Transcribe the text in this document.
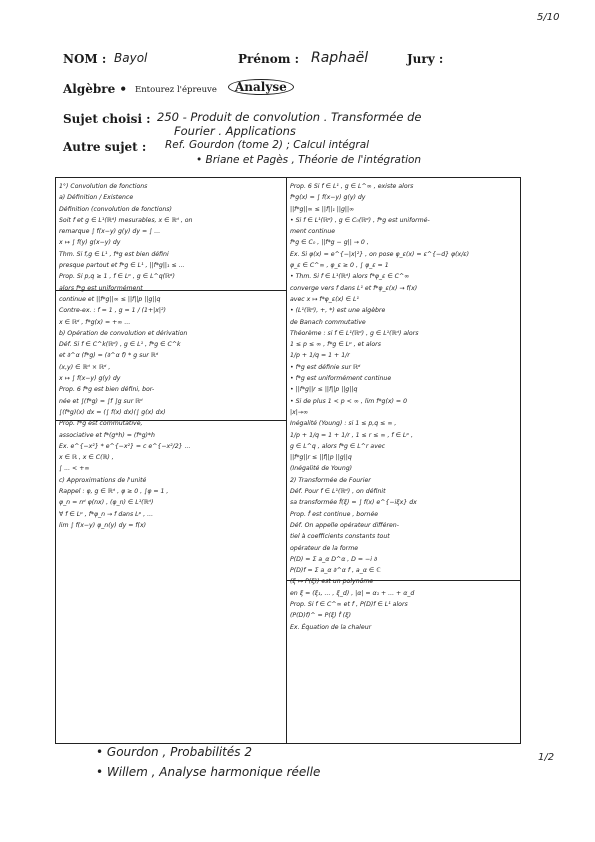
5/10
NOM : Bayol	Prénom : Raphaël	Jury :
Algèbre • Entourez l'épreuve	Analyse
Sujet choisi : 250 - Produit de convolution . Transformée de
Fourier . Applications
Autre sujet : Ref. Gourdon (tome 2) ; Calcul intégral
• Briane et Pagès , Théorie de l'intégration
1°) Convolution de fonctions
a) Définition / Existence
Définition (convolution de fonctions)
Soit f et g ∈ L¹(ℝᵈ) mesurables, x ∈ ℝᵈ , on
remarque ∫ f(x−y) g(y) dy = ∫ ...
x ↦ ∫ f(y) g(x−y) dy
Thm. Si f,g ∈ L¹ , f*g est bien défini
presque partout et f*g ∈ L¹ , ||f*g||₁ ≤ ...
Prop. Si p,q ≥ 1 , f ∈ Lᵖ , g ∈ L^q(ℝᵈ)
alors f*g est uniformément
continue et ||f*g||∞ ≤ ||f||p ||g||q
Contre-ex. : f = 1 , g = 1 / (1+|x|²)
x ∈ ℝᵈ , f*g(x) = +∞ ...
b) Opération de convolution et dérivation
Déf. Si f ∈ C^k(ℝᵈ) , g ∈ L¹ , f*g ∈ C^k
et ∂^α (f*g) = (∂^α f) * g sur ℝᵈ
(x,y) ∈ ℝᵈ × ℝᵈ ,
x ↦ ∫ f(x−y) g(y) dy
Prop. 6 f*g est bien défini, bor-
née et ∫(f*g) = ∫f ∫g sur ℝᵈ
∫(f*g)(x) dx = (∫ f(x) dx)(∫ g(x) dx)
Prop. f*g est commutative,
associative et f*(g*h) = (f*g)*h
Ex. e^{−x²} * e^{−x²} = c e^{−x²/2} ...
x ∈ ℝ , x ∈ C(ℝ) ,
∫ ... < +∞
c) Approximations de l'unité
Rappel : φ, g ∈ ℝᵈ , φ ≥ 0 , ∫φ = 1 ,
φ_n = nᵈ φ(nx) , (φ_n) ∈ L¹(ℝᵈ)
∀ f ∈ Lᵖ , f*φ_n → f dans Lᵖ , ...
lim ∫ f(x−y) φ_n(y) dy = f(x)
Prop. 6 Si f ∈ L¹ , g ∈ L^∞ , existe alors
f*g(x) = ∫ f(x−y) g(y) dy
||f*g||∞ ≤ ||f||₁ ||g||∞
• Si f ∈ L¹(ℝᵈ) , g ∈ C₀(ℝᵈ) , f*g est uniformé-
ment continue
f*g ∈ C₀ , ||f*g − g|| → 0 ,
Ex. Si φ(x) = e^{−|x|²} , on pose φ_ε(x) = ε^{−d} φ(x/ε)
φ_ε ∈ C^∞ , φ_ε ≥ 0 , ∫ φ_ε = 1
• Thm. Si f ∈ L¹(ℝᵈ) alors f*φ_ε ∈ C^∞
converge vers f dans L¹ et f*φ_ε(x) → f(x)
avec x ↦ f*φ_ε(x) ∈ L¹
• (L¹(ℝᵈ), +, *) est une algèbre
de Banach commutative
Théorème : si f ∈ L¹(ℝᵈ) , g ∈ L¹(ℝᵈ) alors
1 ≤ p ≤ ∞ , f*g ∈ Lᵖ , et alors
1/p + 1/q = 1 + 1/r
• f*g est définie sur ℝᵈ
• f*g est uniformément continue
• ||f*g||r ≤ ||f||p ||g||q
• Si de plus 1 < p < ∞ , lim f*g(x) = 0
|x|→∞
Inégalité (Young) : si 1 ≤ p,q ≤ ∞ ,
1/p + 1/q = 1 + 1/r , 1 ≤ r ≤ ∞ , f ∈ Lᵖ ,
g ∈ L^q , alors f*g ∈ L^r avec
||f*g||r ≤ ||f||p ||g||q
(Inégalité de Young)
2) Transformée de Fourier
Déf. Pour f ∈ L¹(ℝᵈ) , on définit
sa transformée f̂(ξ) = ∫ f(x) e^{−iξx} dx
Prop. f̂ est continue , bornée
Déf. On appelle opérateur différen-
tiel à coefficients constants tout
opérateur de la forme
P(D) = Σ a_α D^α , D = −i ∂
P(D)f = Σ a_α ∂^α f , a_α ∈ ℂ
(ξ ↦ P(ξ)) est un polynôme
en ξ = (ξ₁, ... , ξ_d) , |α| = α₁ + ... + α_d
Prop. Si f ∈ C^∞ et f , P(D)f ∈ L¹ alors
(P(D)f)^ = P(ξ) f̂ (ξ)
Ex. Équation de la chaleur
• Gourdon , Probabilités 2
• Willem , Analyse harmonique réelle
1/2
